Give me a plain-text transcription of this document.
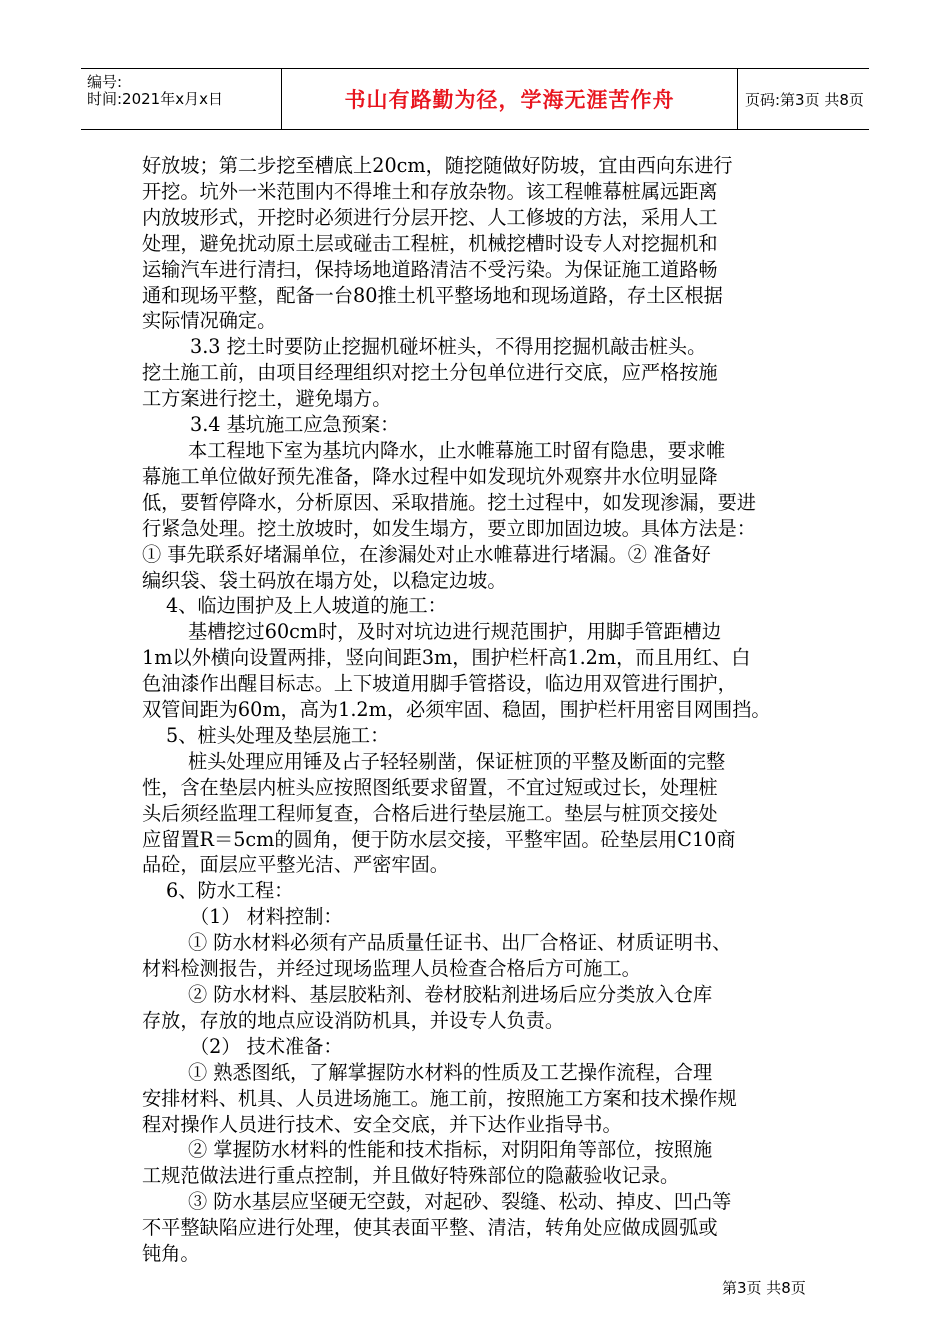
编号:
时间:2021年x月x日	书山有路勤为径，学海无涯苦作舟	页码:第3页 共8页

好放坡；第二步挖至槽底上20cm，随挖随做好防坡，宜由西向东进行

开挖。坑外一米范围内不得堆土和存放杂物。该工程帷幕桩属远距离

内放坡形式，开挖时必须进行分层开挖、人工修坡的方法，采用人工

处理，避免扰动原土层或碰击工程桩，机械挖槽时设专人对挖掘机和

运输汽车进行清扫，保持场地道路清洁不受污染。为保证施工道路畅

通和现场平整，配备一台80推土机平整场地和现场道路，存土区根据

实际情况确定。

3.3 挖土时要防止挖掘机碰坏桩头，不得用挖掘机敲击桩头。

挖土施工前，由项目经理组织对挖土分包单位进行交底，应严格按施

工方案进行挖土，避免塌方。

3.4 基坑施工应急预案：

本工程地下室为基坑内降水，止水帷幕施工时留有隐患，要求帷

幕施工单位做好预先准备，降水过程中如发现坑外观察井水位明显降

低，要暂停降水，分析原因、采取措施。挖土过程中，如发现渗漏，要进

行紧急处理。挖土放坡时，如发生塌方，要立即加固边坡。具体方法是：

① 事先联系好堵漏单位，在渗漏处对止水帷幕进行堵漏。② 准备好

编织袋、袋土码放在塌方处，以稳定边坡。

4、临边围护及上人坡道的施工：

基槽挖过60cm时，及时对坑边进行规范围护，用脚手管距槽边

1m以外横向设置两排，竖向间距3m，围护栏杆高1.2m，而且用红、白

色油漆作出醒目标志。上下坡道用脚手管搭设，临边用双管进行围护，

双管间距为60m，高为1.2m，必须牢固、稳固，围护栏杆用密目网围挡。

5、桩头处理及垫层施工：

桩头处理应用锤及占子轻轻剔凿，保证桩顶的平整及断面的完整

性，含在垫层内桩头应按照图纸要求留置，不宜过短或过长，处理桩

头后须经监理工程师复查，合格后进行垫层施工。垫层与桩顶交接处

应留置R＝5cm的圆角，便于防水层交接，平整牢固。砼垫层用C10商

品砼，面层应平整光洁、严密牢固。

6、防水工程：

（1） 材料控制：

① 防水材料必须有产品质量任证书、出厂合格证、材质证明书、

材料检测报告，并经过现场监理人员检查合格后方可施工。

② 防水材料、基层胶粘剂、卷材胶粘剂进场后应分类放入仓库

存放，存放的地点应设消防机具，并设专人负责。

（2） 技术准备：

① 熟悉图纸，了解掌握防水材料的性质及工艺操作流程，合理

安排材料、机具、人员进场施工。施工前，按照施工方案和技术操作规

程对操作人员进行技术、安全交底，并下达作业指导书。

② 掌握防水材料的性能和技术指标，对阴阳角等部位，按照施

工规范做法进行重点控制，并且做好特殊部位的隐蔽验收记录。

③ 防水基层应坚硬无空鼓，对起砂、裂缝、松动、掉皮、凹凸等

不平整缺陷应进行处理，使其表面平整、清洁，转角处应做成圆弧或

钝角。

第3页 共8页
